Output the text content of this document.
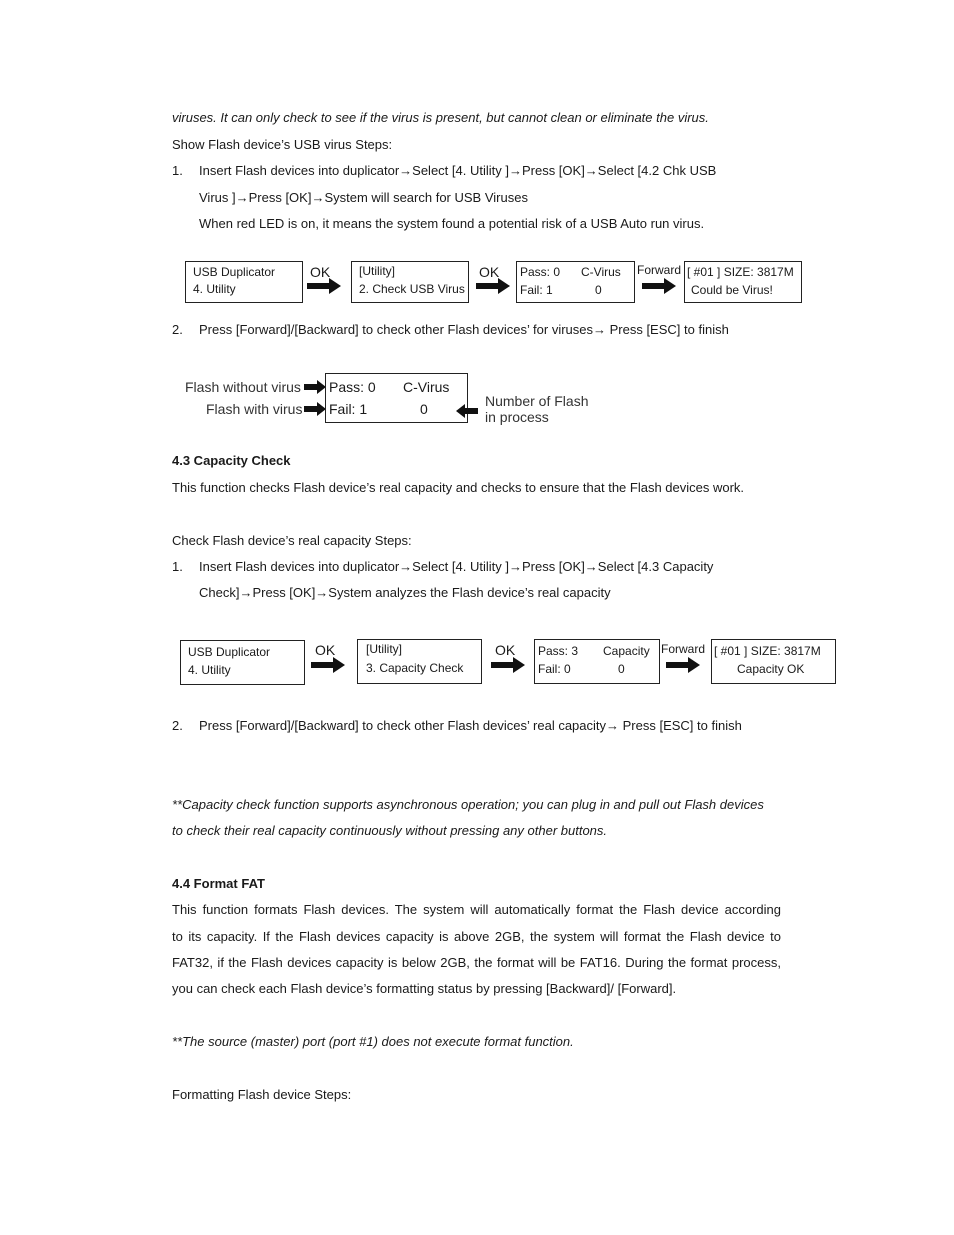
viruses. It can only check to see if the virus is present, but cannot clean or eliminate the virus.
Show Flash device’s USB virus Steps:
1. Insert Flash devices into duplicator→Select [4. Utility ]→Press [OK]→Select [4.2 Chk USB
Virus ]→Press [OK]→System will search for USB Viruses
When red LED is on, it means the system found a potential risk of a USB Auto run virus.
USB Duplicator
4. Utility
OK [Utility]
2. Check USB Virus
OK Pass: 0
Fail: 1
C-Virus
0
Forward [ #01 ] SIZE: 3817M
Could be Virus!
2. Press [Forward]/[Backward] to check other Flash devices’ for viruses→ Press [ESC] to finish
Flash without virus
Flash with virus
Pass: 0
Fail: 1
C-Virus
0	Number of Flash
in process
4.3 Capacity Check
This function checks Flash device’s real capacity and checks to ensure that the Flash devices work.
Check Flash device’s real capacity Steps:
1. Insert Flash devices into duplicator→Select [4. Utility ]→Press [OK]→Select [4.3 Capacity
Check]→Press [OK]→System analyzes the Flash device’s real capacity
USB Duplicator
4. Utility
OK	[Utility]
3. Capacity Check
OK Pass: 3
Fail: 0
Capacity
0
Forward [ #01 ] SIZE: 3817M
Capacity OK
2. Press [Forward]/[Backward] to check other Flash devices’ real capacity→ Press [ESC] to finish
**Capacity check function supports asynchronous operation; you can plug in and pull out Flash devices
to check their real capacity continuously without pressing any other buttons.
4.4 Format FAT
This function formats Flash devices. The system will automatically format the Flash device according
to its capacity. If the Flash devices capacity is above 2GB, the system will format the Flash device to
FAT32, if the Flash devices capacity is below 2GB, the format will be FAT16. During the format process,
you can check each Flash device’s formatting status by pressing [Backward]/ [Forward].
**The source (master) port (port #1) does not execute format function.
Formatting Flash device Steps:
